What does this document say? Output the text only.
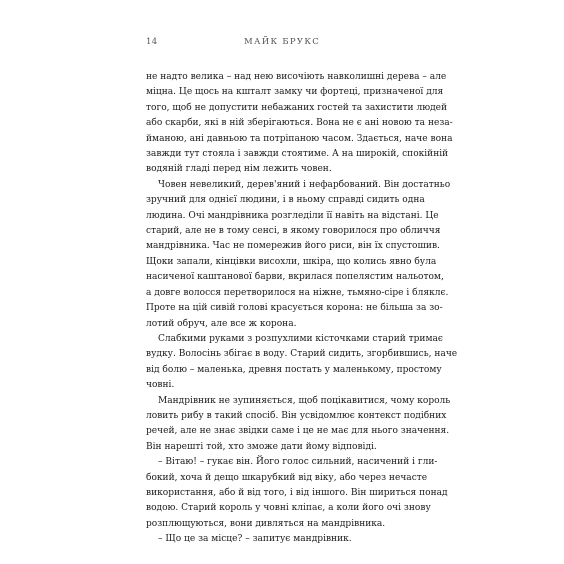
14	МАЙК БРУКС
не надто велика – над нею височіють навколишні дерева – але
міцна. Це щось на кшталт замку чи фортеці, призначеної для
того, щоб не допустити небажаних гостей та захистити людей
або скарби, які в ній зберігаються. Вона не є ані новою та неза-
йманою, ані давньою та потріпаною часом. Здається, наче вона
завжди тут стояла і завжди стоятиме. А на широкій, спокійній
водяній гладі перед нім лежить човен.
Човен невеликий, дерев'яний і нефарбований. Він достатньо
зручний для однієї людини, і в ньому справді сидить одна
людина. Очі мандрівника розгледіли її навіть на відстані. Це
старий, але не в тому сенсі, в якому говорилося про обличчя
мандрівника. Час не помережив його риси, він їх спустошив.
Щоки запали, кінцівки висохли, шкіра, що колись явно була
насиченої каштанової барви, вкрилася попелястим нальотом,
а довге волосся перетворилося на ніжне, тьмяно-сіре і бляклє.
Проте на цій сивій голові красується корона: не більша за зо-
лотий обруч, але все ж корона.
Слабкими руками з розпухлими кісточками старий тримає
вудку. Волосінь збігає в воду. Старий сидить, згорбившись, наче
від болю – маленька, древня постать у маленькому, простому
човні.
Мандрівник не зупиняється, щоб поцікавитися, чому король
ловить рибу в такий спосіб. Він усвідомлює контекст подібних
речей, але не знає звідки саме і це не має для нього значення.
Він нарешті той, хто зможе дати йому відповіді.
– Вітаю! – гукає він. Його голос сильний, насичений і гли-
бокий, хоча й дещо шкарубкий від віку, або через нечасте
використання, або й від того, і від іншого. Він шириться понад
водою. Старий король у човні кліпає, а коли його очі знову
розплющуються, вони дивляться на мандрівника.
– Що це за місце? – запитує мандрівник.
